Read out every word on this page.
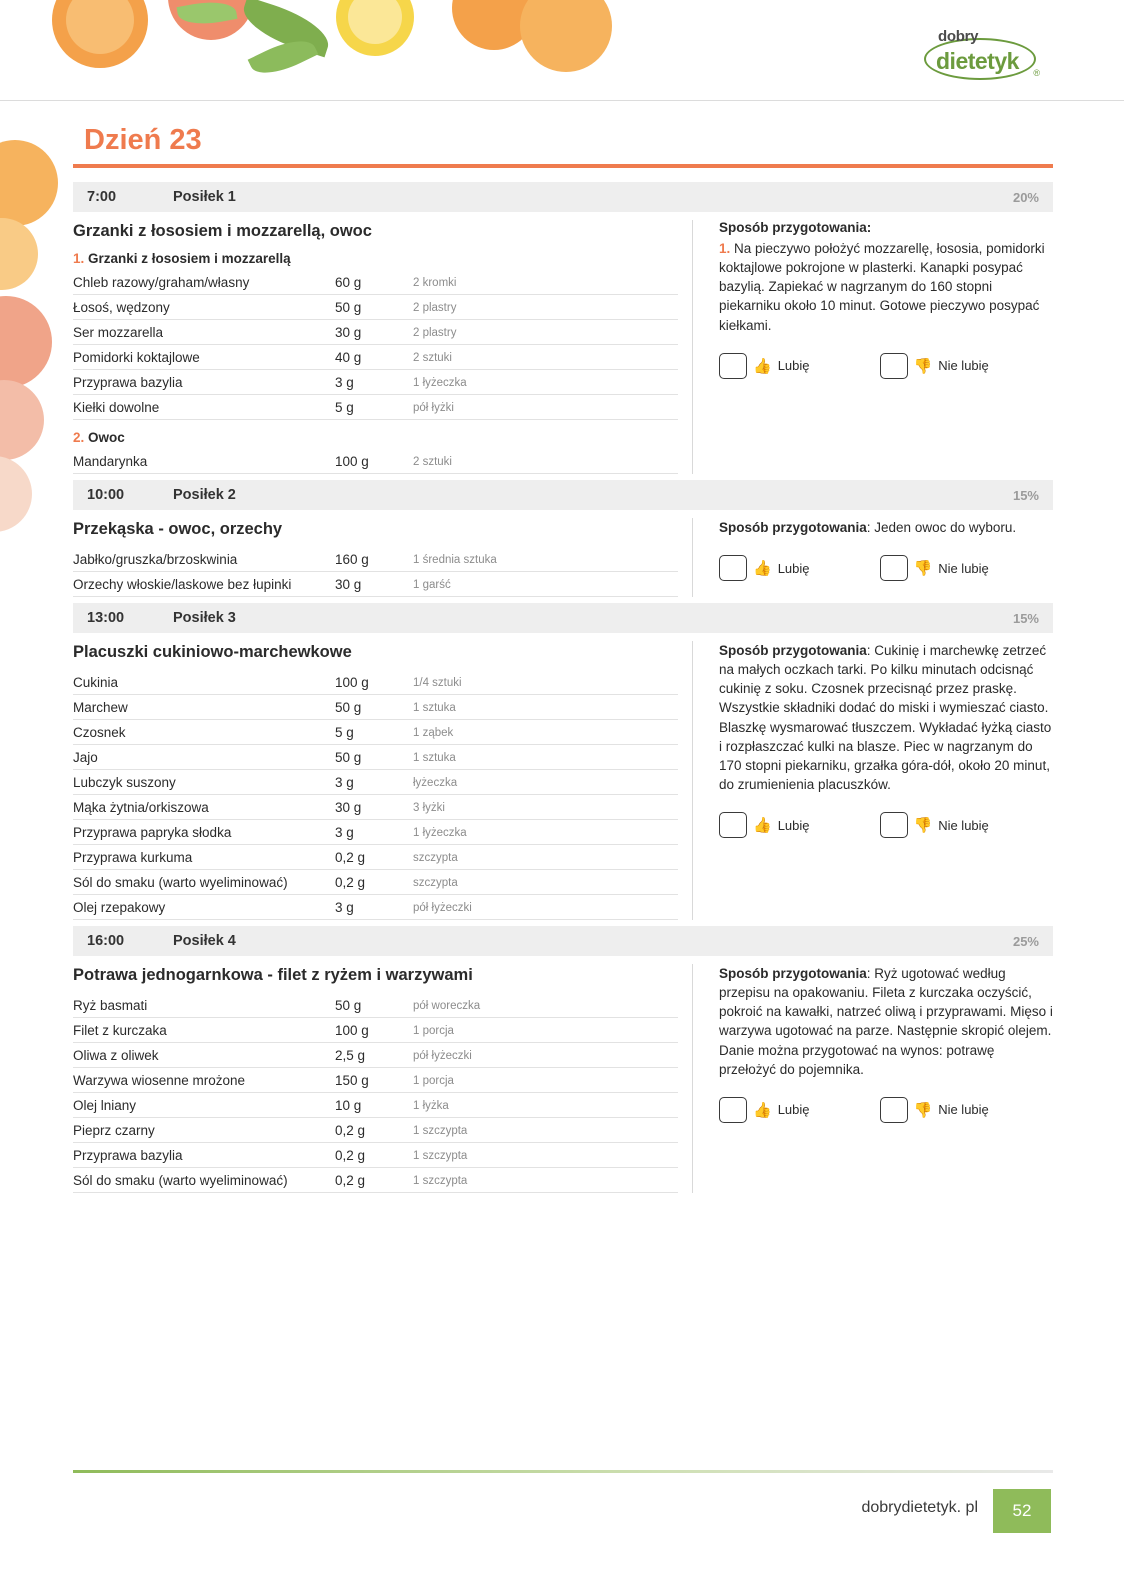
dobry
dietetyk ®
Dzień 23
7:00	Posiłek 1	20%
Grzanki z łososiem i mozzarellą, owoc
1. Grzanki z łososiem i mozzarellą
Chleb razowy/graham/własny	60 g	2 kromki
Łosoś, wędzony	50 g	2 plastry
Ser mozzarella	30 g	2 plastry
Pomidorki koktajlowe	40 g	2 sztuki
Przyprawa bazylia	3 g	1 łyżeczka
Kiełki dowolne	5 g	pół łyżki
2. Owoc
Mandarynka	100 g	2 sztuki
Sposób przygotowania:
1. Na pieczywo położyć mozzarellę, łososia, pomidorki koktajlowe pokrojone w plasterki. Kanapki posypać bazylią. Zapiekać w nagrzanym do 160 stopni piekarniku około 10 minut. Gotowe pieczywo posypać kiełkami.
👍 Lubię	👎 Nie lubię
10:00	Posiłek 2	15%
Przekąska - owoc, orzechy
Jabłko/gruszka/brzoskwinia	160 g	1 średnia sztuka
Orzechy włoskie/laskowe bez łupinki	30 g	1 garść
Sposób przygotowania: Jeden owoc do wyboru.
👍 Lubię	👎 Nie lubię
13:00	Posiłek 3	15%
Placuszki cukiniowo-marchewkowe
Cukinia	100 g	1/4 sztuki
Marchew	50 g	1 sztuka
Czosnek	5 g	1 ząbek
Jajo	50 g	1 sztuka
Lubczyk suszony	3 g	łyżeczka
Mąka żytnia/orkiszowa	30 g	3 łyżki
Przyprawa papryka słodka	3 g	1 łyżeczka
Przyprawa kurkuma	0,2 g	szczypta
Sól do smaku (warto wyeliminować)	0,2 g	szczypta
Olej rzepakowy	3 g	pół łyżeczki
Sposób przygotowania: Cukinię i marchewkę zetrzeć na małych oczkach tarki. Po kilku minutach odcisnąć cukinię z soku. Czosnek przecisnąć przez praskę. Wszystkie składniki dodać do miski i wymieszać ciasto. Blaszkę wysmarować tłuszczem. Wykładać łyżką ciasto i rozpłaszczać kulki na blasze. Piec w nagrzanym do 170 stopni piekarniku, grzałka góra-dół, około 20 minut, do zrumienienia placuszków.
👍 Lubię	👎 Nie lubię
16:00	Posiłek 4	25%
Potrawa jednogarnkowa - filet z ryżem i warzywami
Ryż basmati	50 g	pół woreczka
Filet z kurczaka	100 g	1 porcja
Oliwa z oliwek	2,5 g	pół łyżeczki
Warzywa wiosenne mrożone	150 g	1 porcja
Olej lniany	10 g	1 łyżka
Pieprz czarny	0,2 g	1 szczypta
Przyprawa bazylia	0,2 g	1 szczypta
Sól do smaku (warto wyeliminować)	0,2 g	1 szczypta
Sposób przygotowania: Ryż ugotować według przepisu na opakowaniu. Fileta z kurczaka oczyścić, pokroić na kawałki, natrzeć oliwą i przyprawami. Mięso i warzywa ugotować na parze. Następnie skropić olejem. Danie można przygotować na wynos: potrawę przełożyć do pojemnika.
👍 Lubię	👎 Nie lubię
dobrydietetyk. pl	52
